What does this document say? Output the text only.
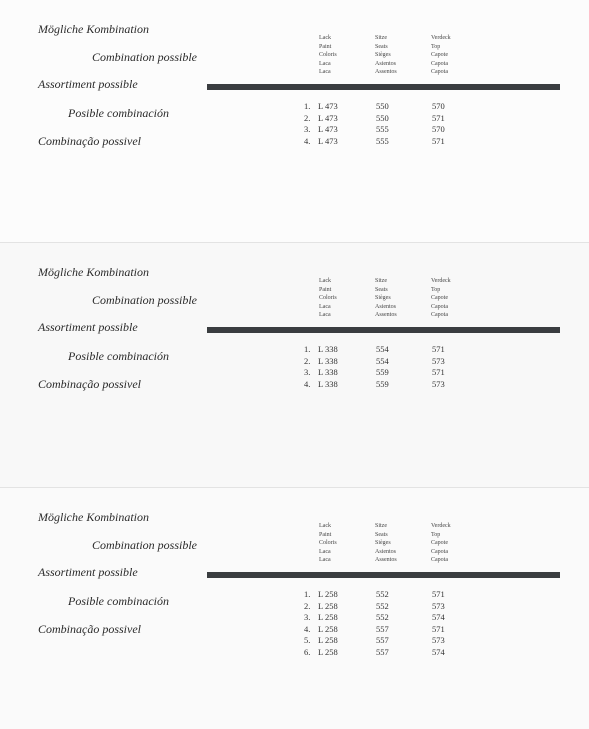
Mögliche Kombination
Combination possible
Assortiment possible
Posible combinación
Combinação possivel
Lack
Paint
Coloris
Laca
Laca
Sitze
Seats
Sièges
Asientos
Assentos
Verdeck
Top
Capote
Capota
Capota
1. L 473	550	570
2. L 473	550	571
3. L 473	555	570
4. L 473	555	571
Mögliche Kombination
Combination possible
Assortiment possible
Posible combinación
Combinação possivel
Lack
Paint
Coloris
Laca
Laca
Sitze
Seats
Sièges
Asientos
Assentos
Verdeck
Top
Capote
Capota
Capota
1. L 338	554	571
2. L 338	554	573
3. L 338	559	571
4. L 338	559	573
Mögliche Kombination
Combination possible
Assortiment possible
Posible combinación
Combinação possivel
Lack
Paint
Coloris
Laca
Laca
Sitze
Seats
Sièges
Asientos
Assentos
Verdeck
Top
Capote
Capota
Capota
1. L 258	552	571
2. L 258	552	573
3. L 258	552	574
4. L 258	557	571
5. L 258	557	573
6. L 258	557	574
